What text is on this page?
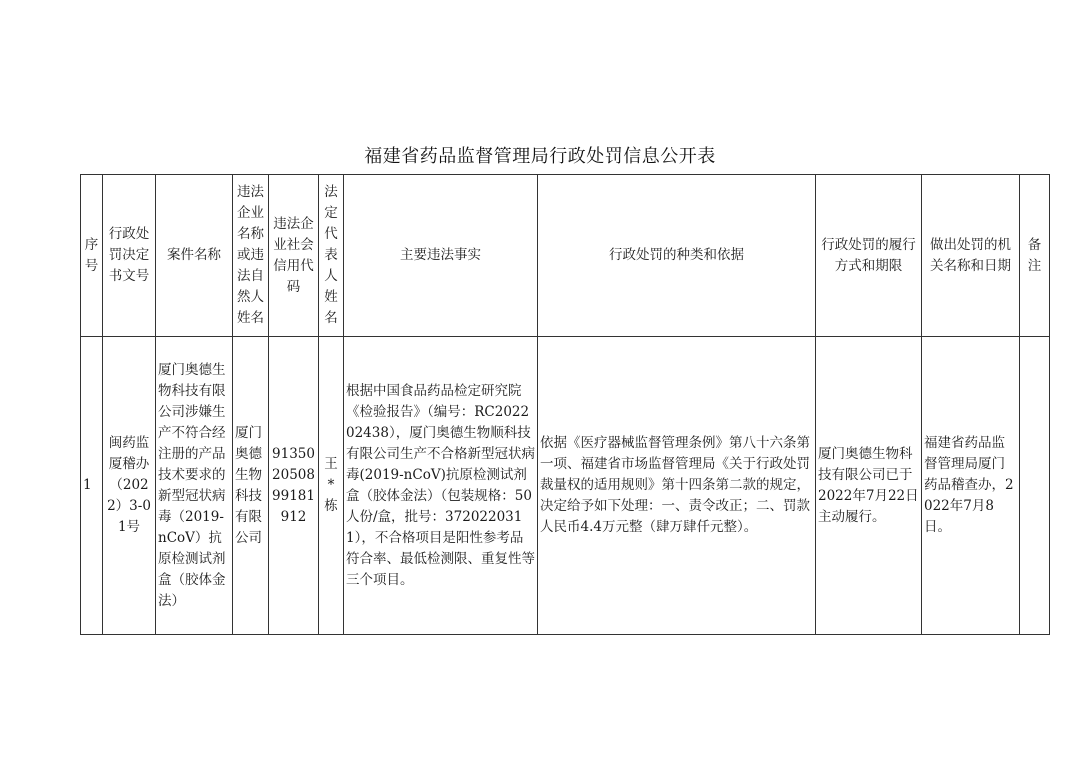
福建省药品监督管理局行政处罚信息公开表
序号	行政处罚决定书文号	案件名称	违法企业名称或违法自然人姓名	违法企业社会信用代码	法定代表人姓名	主要违法事实	行政处罚的种类和依据	行政处罚的履行方式和期限	做出处罚的机关名称和日期	备注
1	闽药监厦稽办（2022）3-01号	厦门奥德生物科技有限公司涉嫌生产不符合经注册的产品技术要求的新型冠状病毒（2019-nCoV）抗原检测试剂盒（胶体金法）	厦门奥德生物科技有限公司	913502050899181912	王*栋	根据中国食品药品检定研究院《检验报告》（编号：RC202202438），厦门奥德生物顺科技有限公司生产不合格新型冠状病毒(2019-nCoV)抗原检测试剂盒（胶体金法）（包装规格：50人份/盒，批号：3720220311），不合格项目是阳性参考品符合率、最低检测限、重复性等三个项目。	依据《医疗器械监督管理条例》第八十六条第一项、福建省市场监督管理局《关于行政处罚裁量权的适用规则》第十四条第二款的规定，决定给予如下处理：一、责令改正；二、罚款人民币4.4万元整（肆万肆仟元整）。	厦门奥德生物科技有限公司已于2022年7月22日主动履行。	福建省药品监督管理局厦门药品稽查办，2022年7月8日。	
